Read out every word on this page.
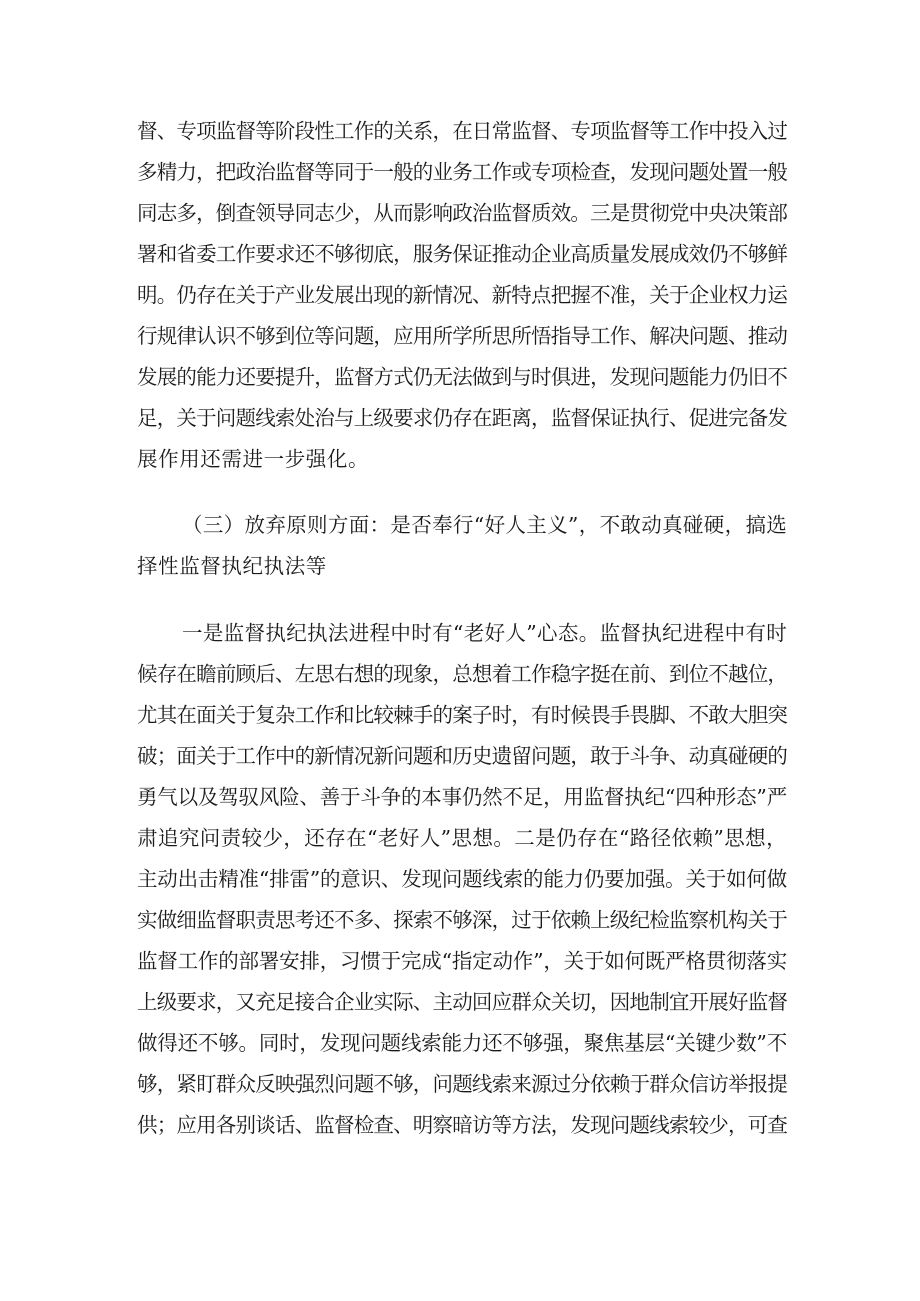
督、专项监督等阶段性工作的关系，在日常监督、专项监督等工作中投入过
多精力，把政治监督等同于一般的业务工作或专项检查，发现问题处置一般
同志多，倒查领导同志少，从而影响政治监督质效。三是贯彻党中央决策部
署和省委工作要求还不够彻底，服务保证推动企业高质量发展成效仍不够鲜
明。仍存在关于产业发展出现的新情况、新特点把握不准，关于企业权力运
行规律认识不够到位等问题，应用所学所思所悟指导工作、解决问题、推动
发展的能力还要提升，监督方式仍无法做到与时俱进，发现问题能力仍旧不
足，关于问题线索处治与上级要求仍存在距离，监督保证执行、促进完备发
展作用还需进一步强化。
（三）放弃原则方面：是否奉行“好人主义”，不敢动真碰硬，搞选
择性监督执纪执法等
一是监督执纪执法进程中时有“老好人”心态。监督执纪进程中有时
候存在瞻前顾后、左思右想的现象，总想着工作稳字挺在前、到位不越位，
尤其在面关于复杂工作和比较棘手的案子时，有时候畏手畏脚、不敢大胆突
破；面关于工作中的新情况新问题和历史遗留问题，敢于斗争、动真碰硬的
勇气以及驾驭风险、善于斗争的本事仍然不足，用监督执纪“四种形态”严
肃追究问责较少，还存在“老好人”思想。二是仍存在“路径依赖”思想，
主动出击精准“排雷”的意识、发现问题线索的能力仍要加强。关于如何做
实做细监督职责思考还不多、探索不够深，过于依赖上级纪检监察机构关于
监督工作的部署安排，习惯于完成“指定动作”，关于如何既严格贯彻落实
上级要求，又充足接合企业实际、主动回应群众关切，因地制宜开展好监督
做得还不够。同时，发现问题线索能力还不够强，聚焦基层“关键少数”不
够，紧盯群众反映强烈问题不够，问题线索来源过分依赖于群众信访举报提
供；应用各别谈话、监督检查、明察暗访等方法，发现问题线索较少，可查
